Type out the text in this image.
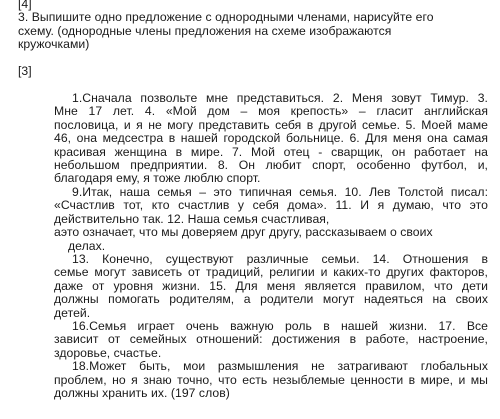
[4]
3. Выпишите одно предложение с однородными членами, нарисуйте его
схему. (однородные члены предложения на схеме изображаются
кружочками)
[3]
1.Сначала позвольте мне представиться. 2. Меня зовут Тимур. 3.
Мне 17 лет. 4. «Мой дом – моя крепость» – гласит английская
пословица, и я не могу представить себя в другой семье. 5. Моей маме
46, она медсестра в нашей городской больнице. 6. Для меня она самая
красивая женщина в мире. 7. Мой отец - сварщик, он работает на
небольшом предприятии. 8. Он любит спорт, особенно футбол, и,
благодаря ему, я тоже люблю спорт.
9.Итак, наша семья – это типичная семья. 10. Лев Толстой писал:
«Счастлив тот, кто счастлив у себя дома». 11. И я думаю, что это
действительно так. 12. Наша семья счастливая,
аэто означает, что мы доверяем друг другу, рассказываем о своих
делах.
13. Конечно, существуют различные семьи. 14. Отношения в
семье могут зависеть от традиций, религии и каких-то других факторов,
даже от уровня жизни. 15. Для меня является правилом, что дети
должны помогать родителям, а родители могут надеяться на своих
детей.
16.Семья играет очень важную роль в нашей жизни. 17. Все
зависит от семейных отношений: достижения в работе, настроение,
здоровье, счастье.
18.Может быть, мои размышления не затрагивают глобальных
проблем, но я знаю точно, что есть незыблемые ценности в мире, и мы
должны хранить их. (197 слов)
